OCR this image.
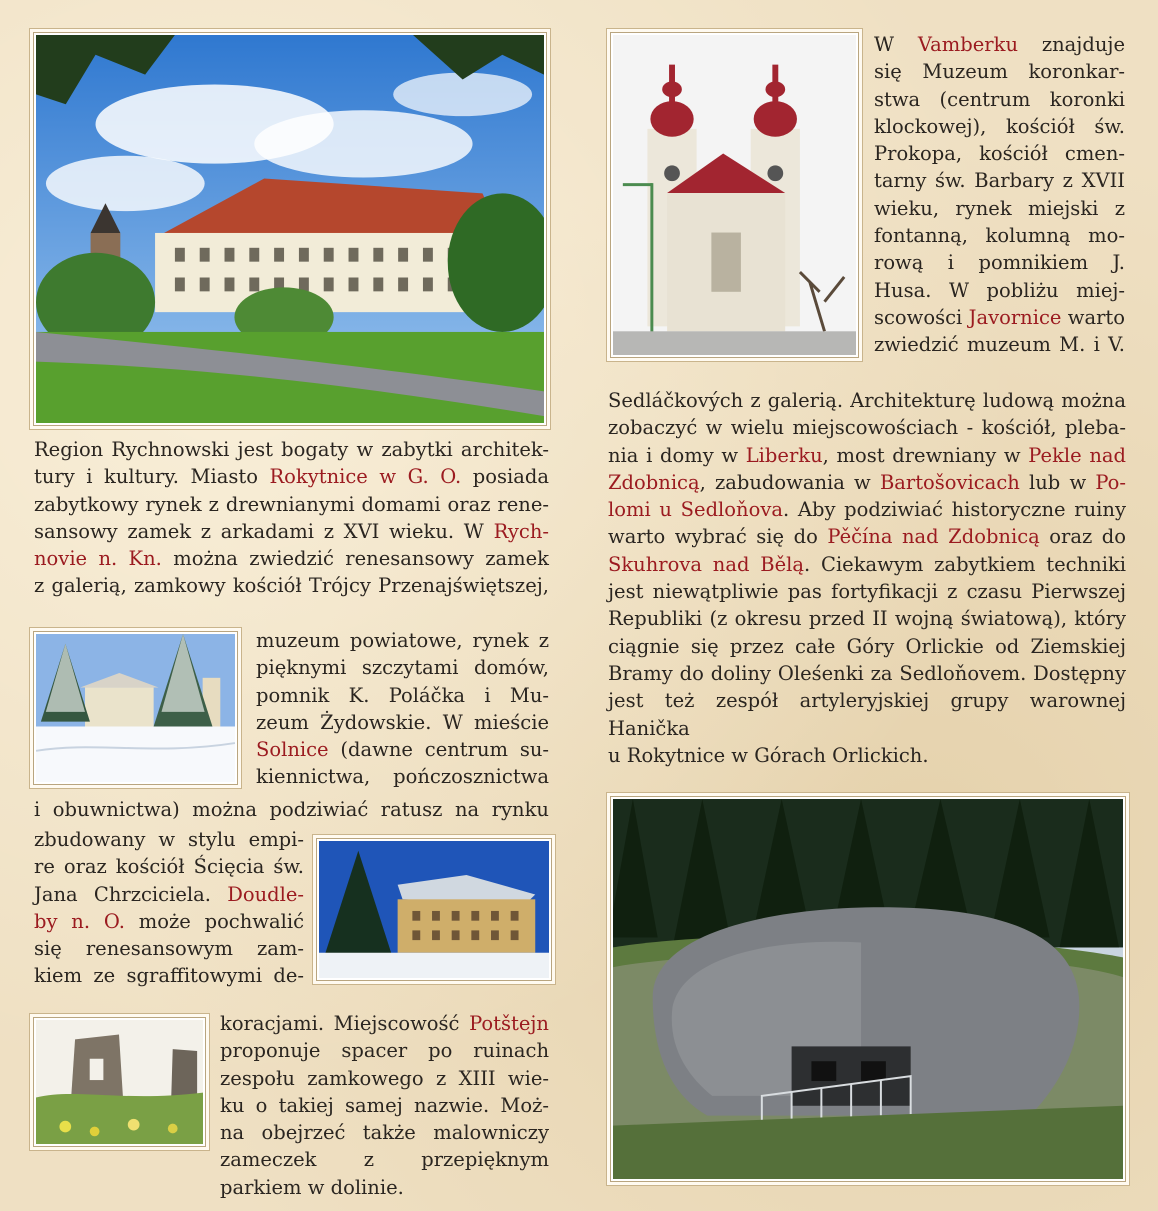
Region Rychnowski jest bogaty w zabytki architek-
tury i kultury. Miasto Rokytnice w G. O. posiada
zabytkowy rynek z drewnianymi domami oraz rene-
sansowy zamek z arkadami z XVI wieku. W Rych-
novie n. Kn. można zwiedzić renesansowy zamek
z galerią, zamkowy kościół Trójcy Przenajświętszej,
muzeum powiatowe, rynek z
pięknymi szczytami domów,
pomnik K. Poláčka i Mu-
zeum Żydowskie. W mieście
Solnice (dawne centrum su-
kiennictwa, pończosznictwa
i obuwnictwa) można podziwiać ratusz na rynku
zbudowany w stylu empi-
re oraz kościół Ścięcia św.
Jana Chrzciciela. Doudle-
by n. O. może pochwalić
się renesansowym zam-
kiem ze sgraffitowymi de-
koracjami. Miejscowość Potštejn
proponuje spacer po ruinach
zespołu zamkowego z XIII wie-
ku o takiej samej nazwie. Moż-
na obejrzeć także malowniczy
zameczek z przepięknym parkiem w dolinie.
W Vamberku znajduje
się Muzeum koronkar-
stwa (centrum koronki
klockowej), kościół św.
Prokopa, kościół cmen-
tarny św. Barbary z XVII
wieku, rynek miejski z
fontanną, kolumną mo-
rową i pomnikiem J.
Husa. W pobliżu miej-
scowości Javornice warto
zwiedzić muzeum M. i V.
Sedláčkových z galerią. Architekturę ludową można
zobaczyć w wielu miejscowościach - kościół, pleba-
nia i domy w Liberku, most drewniany w Pekle nad
Zdobnicą, zabudowania w Bartošovicach lub w Po-
lomi u Sedloňova. Aby podziwiać historyczne ruiny
warto wybrać się do Pěčína nad Zdobnicą oraz do
Skuhrova nad Bělą. Ciekawym zabytkiem techniki
jest niewątpliwie pas fortyfikacji z czasu Pierwszej
Republiki (z okresu przed II wojną światową), który
ciągnie się przez całe Góry Orlickie od Ziemskiej
Bramy do doliny Oleśenki za Sedloňovem. Dostępny
jest też zespół artyleryjskiej grupy warownej Hanička
u Rokytnice w Górach Orlickich.
